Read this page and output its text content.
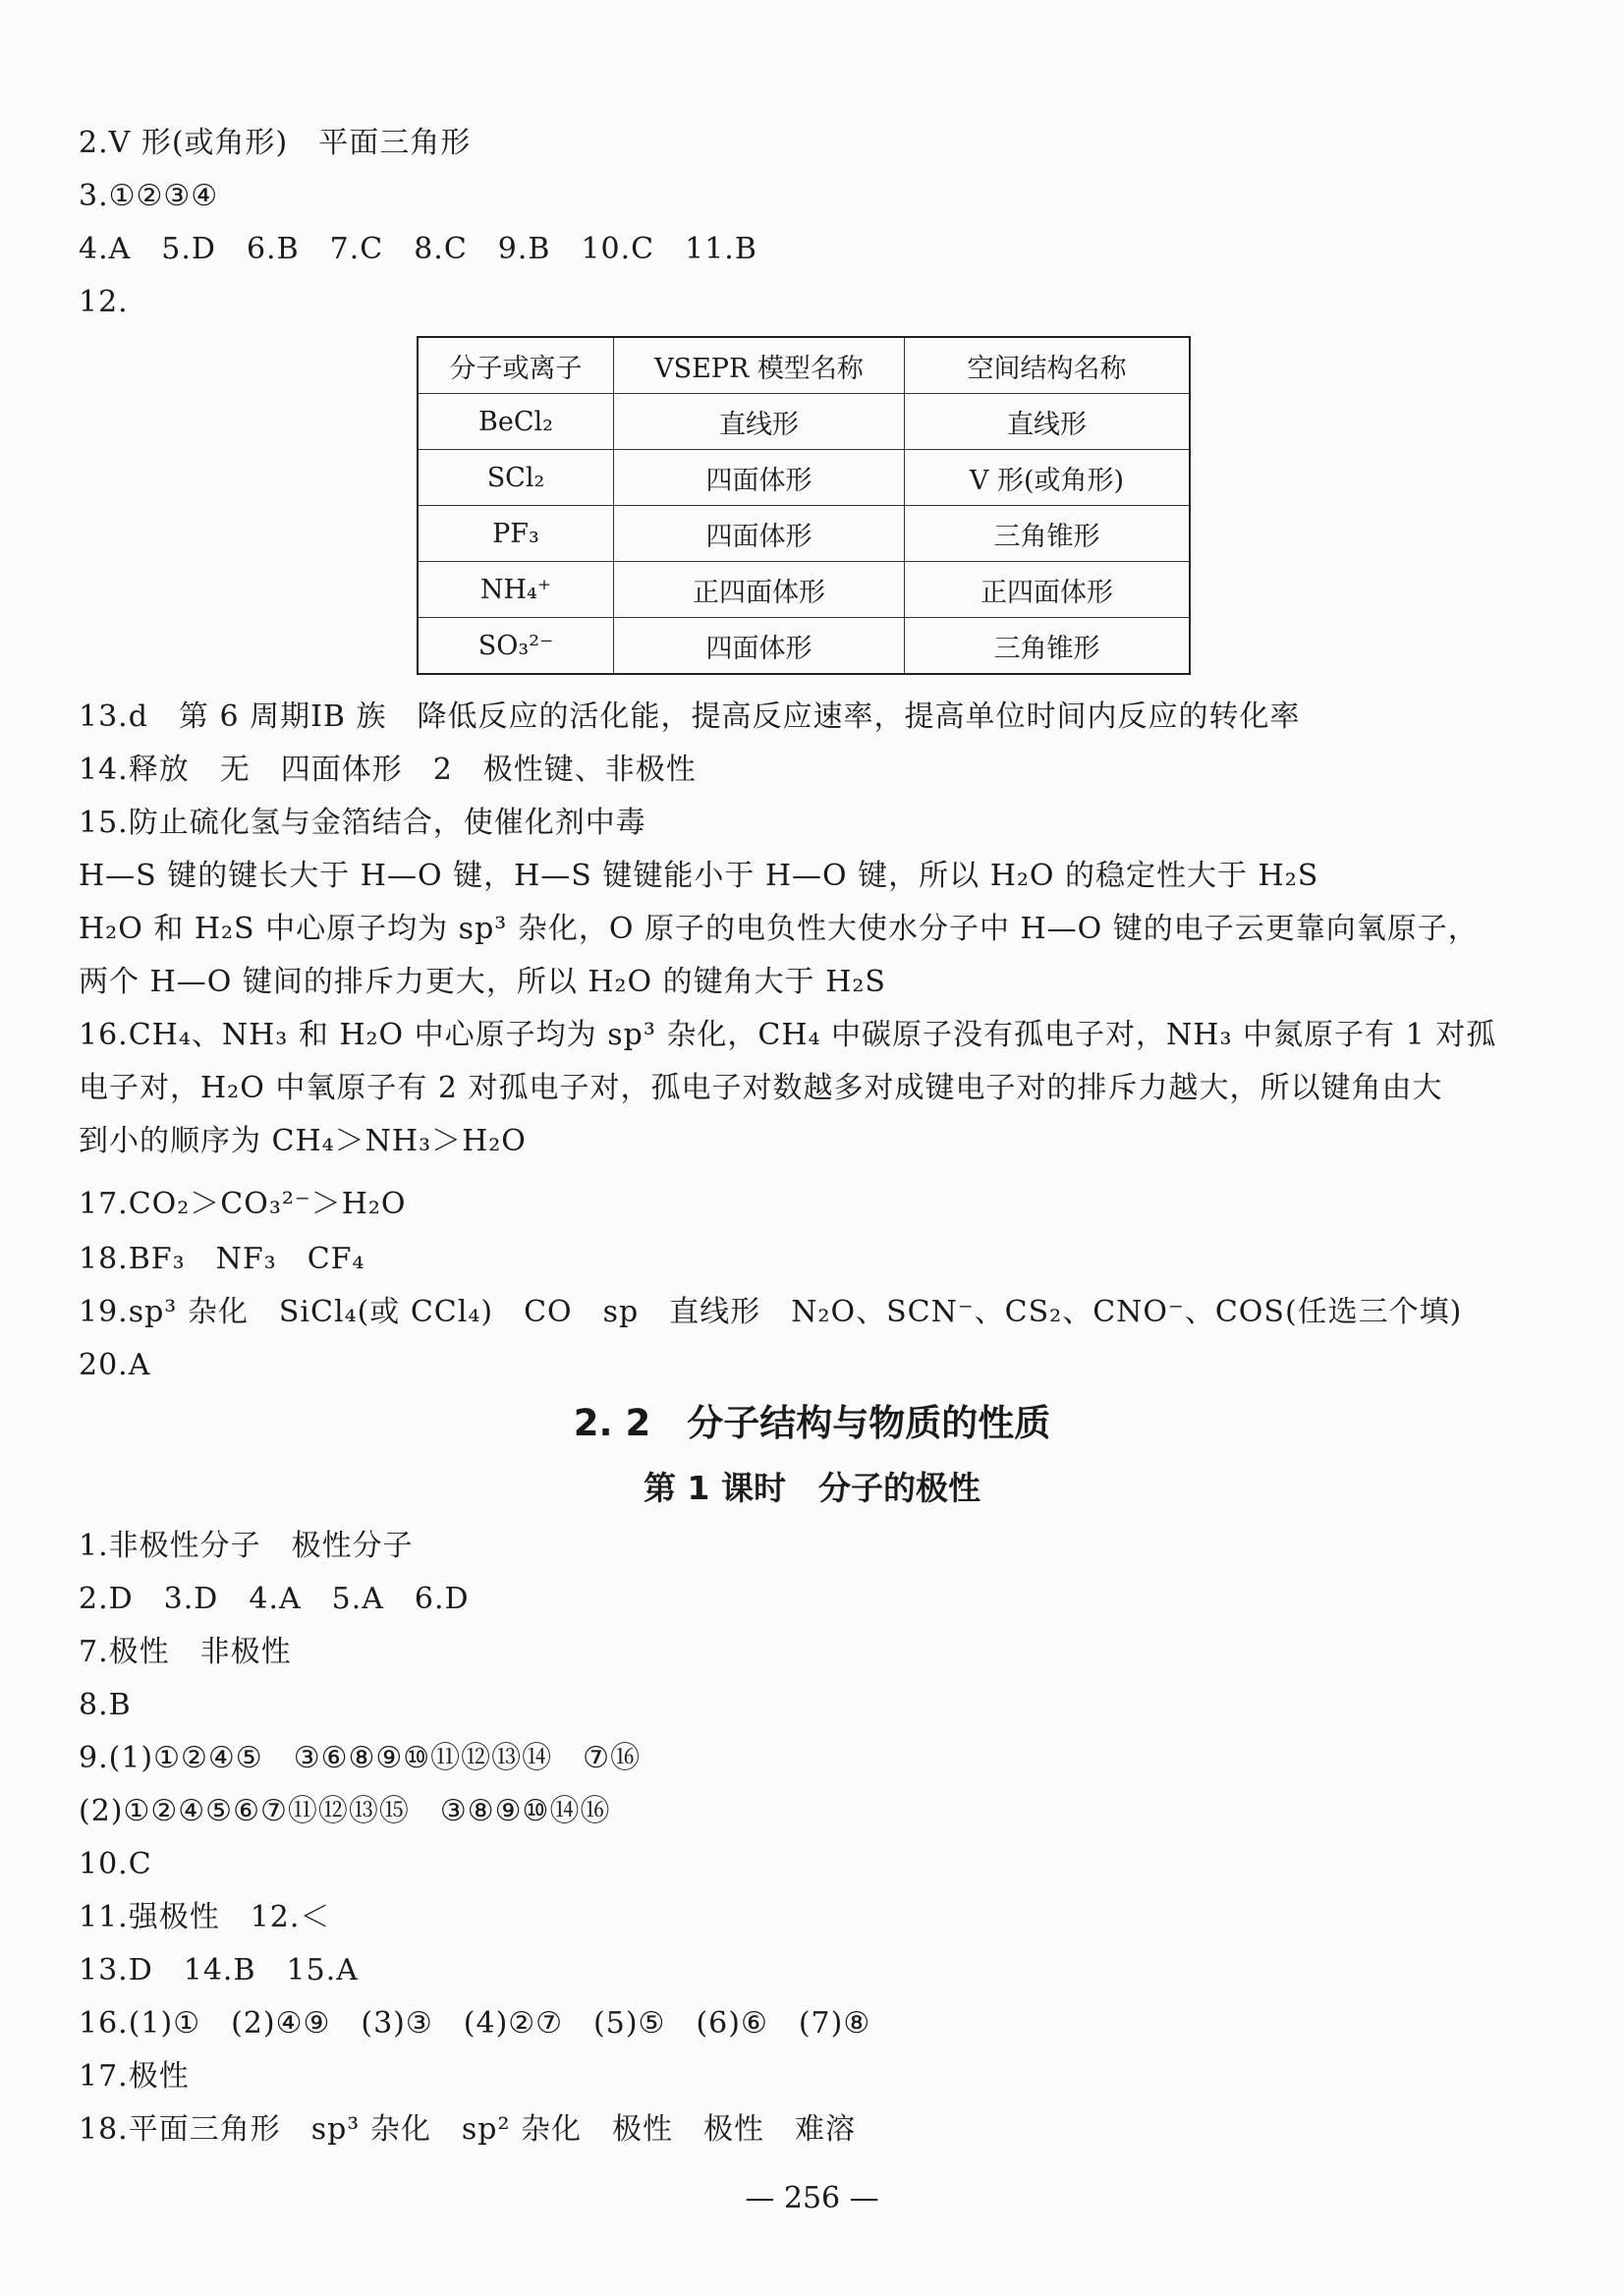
2.V 形(或角形)　平面三角形
3.①②③④
4.A　5.D　6.B　7.C　8.C　9.B　10.C　11.B
12.
分子或离子	VSEPR 模型名称	空间结构名称
BeCl₂	直线形	直线形
SCl₂	四面体形	V 形(或角形)
PF₃	四面体形	三角锥形
NH₄⁺	正四面体形	正四面体形
SO₃²⁻	四面体形	三角锥形
13.d　第 6 周期ⅠB 族　降低反应的活化能，提高反应速率，提高单位时间内反应的转化率
14.释放　无　四面体形　2　极性键、非极性
15.防止硫化氢与金箔结合，使催化剂中毒
H—S 键的键长大于 H—O 键，H—S 键键能小于 H—O 键，所以 H₂O 的稳定性大于 H₂S
H₂O 和 H₂S 中心原子均为 sp³ 杂化，O 原子的电负性大使水分子中 H—O 键的电子云更靠向氧原子，
两个 H—O 键间的排斥力更大，所以 H₂O 的键角大于 H₂S
16.CH₄、NH₃ 和 H₂O 中心原子均为 sp³ 杂化，CH₄ 中碳原子没有孤电子对，NH₃ 中氮原子有 1 对孤
电子对，H₂O 中氧原子有 2 对孤电子对，孤电子对数越多对成键电子对的排斥力越大，所以键角由大
到小的顺序为 CH₄＞NH₃＞H₂O
17.CO₂＞CO₃²⁻＞H₂O
18.BF₃　NF₃　CF₄
19.sp³ 杂化　SiCl₄(或 CCl₄)　CO　sp　直线形　N₂O、SCN⁻、CS₂、CNO⁻、COS(任选三个填)
20.A
2. 2　分子结构与物质的性质
第 1 课时　分子的极性
1.非极性分子　极性分子
2.D　3.D　4.A　5.A　6.D
7.极性　非极性
8.B
9.(1)①②④⑤　③⑥⑧⑨⑩⑪⑫⑬⑭　⑦⑯
(2)①②④⑤⑥⑦⑪⑫⑬⑮　③⑧⑨⑩⑭⑯
10.C
11.强极性　12.＜
13.D　14.B　15.A
16.(1)①　(2)④⑨　(3)③　(4)②⑦　(5)⑤　(6)⑥　(7)⑧
17.极性
18.平面三角形　sp³ 杂化　sp² 杂化　极性　极性　难溶
— 256 —
